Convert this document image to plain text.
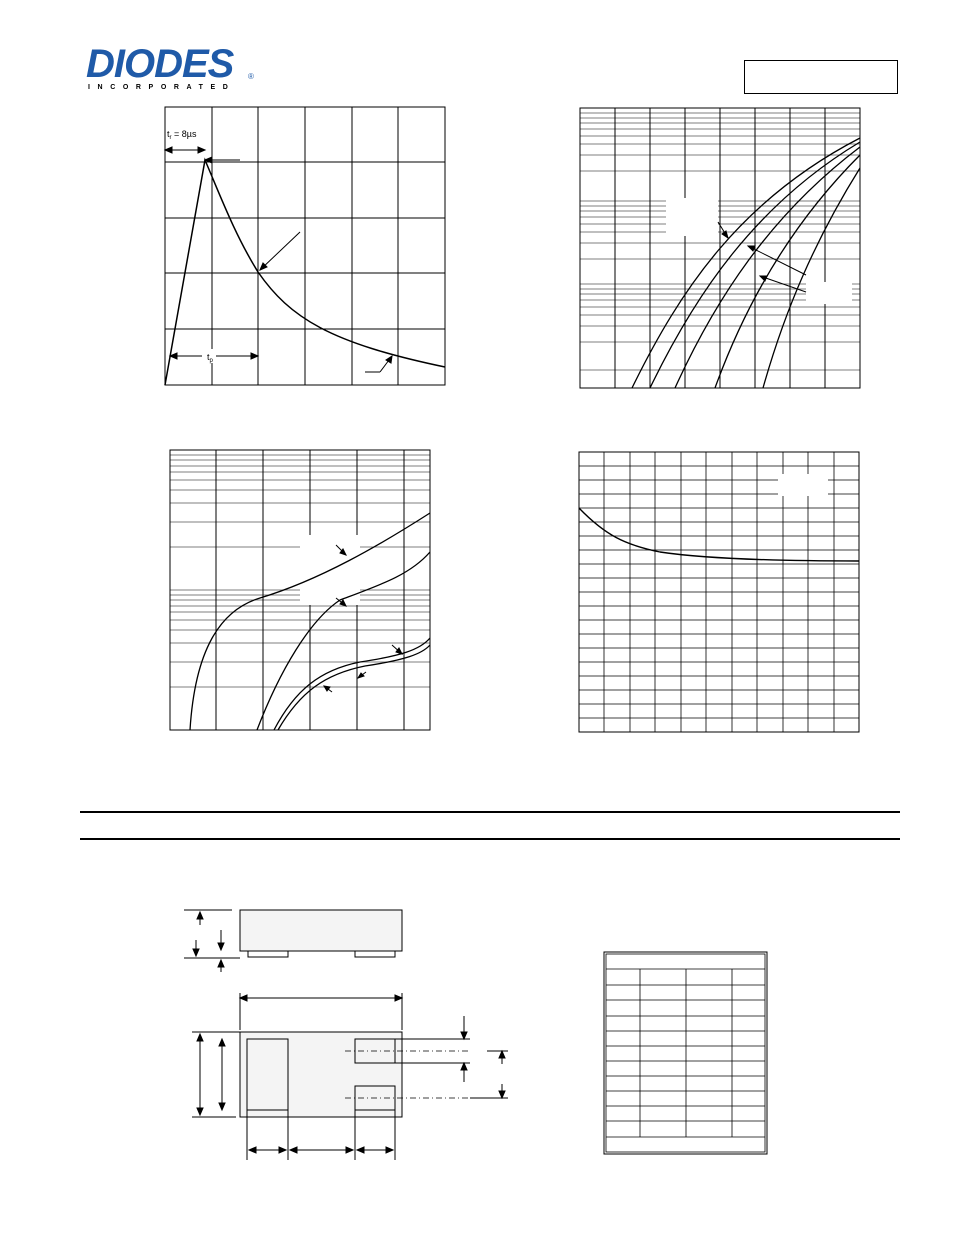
DIODES ®
INCORPORATED
$t_r = 8\mu s$
$t_p$
